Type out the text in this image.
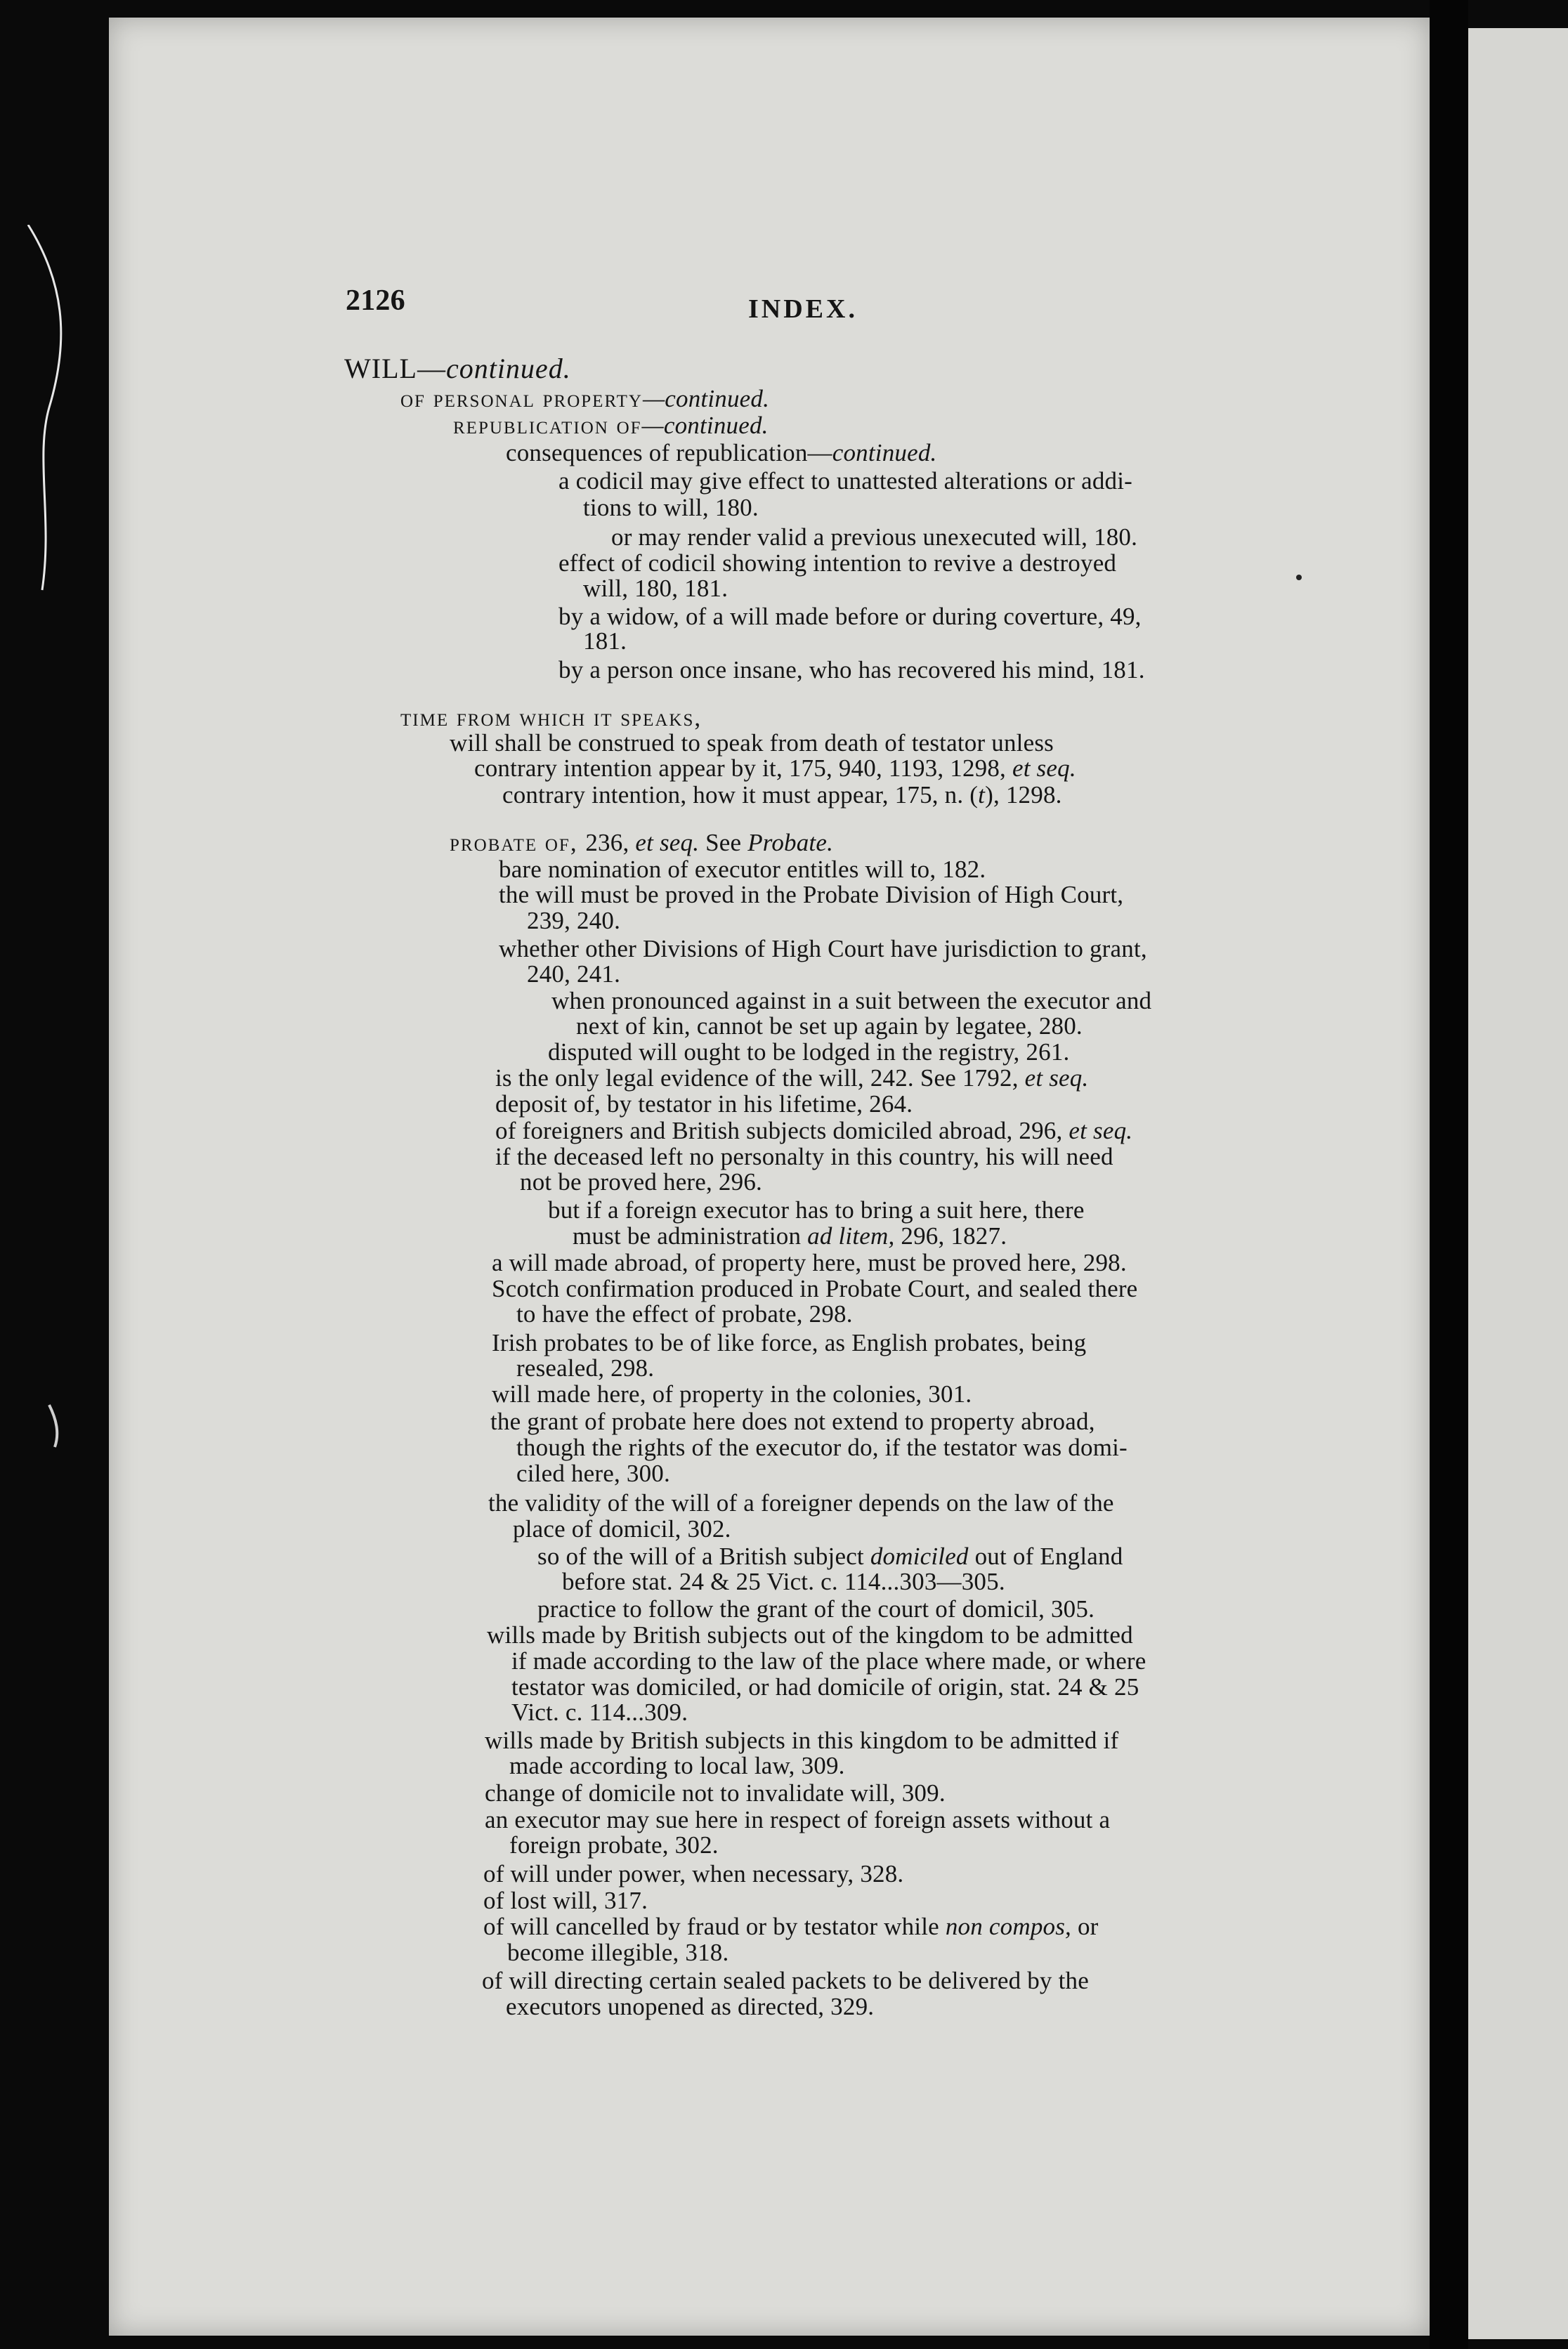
2126	INDEX.
WILL—continued.
of personal property—continued.
republication of—continued.
consequences of republication—continued.
a codicil may give effect to unattested alterations or addi-
tions to will, 180.
or may render valid a previous unexecuted will, 180.
effect of codicil showing intention to revive a destroyed
will, 180, 181.
by a widow, of a will made before or during coverture, 49,
181.
by a person once insane, who has recovered his mind, 181.
time from which it speaks,
will shall be construed to speak from death of testator unless
contrary intention appear by it, 175, 940, 1193, 1298, et seq.
contrary intention, how it must appear, 175, n. (t), 1298.
probate of, 236, et seq. See Probate.
bare nomination of executor entitles will to, 182.
the will must be proved in the Probate Division of High Court,
239, 240.
whether other Divisions of High Court have jurisdiction to grant,
240, 241.
when pronounced against in a suit between the executor and
next of kin, cannot be set up again by legatee, 280.
disputed will ought to be lodged in the registry, 261.
is the only legal evidence of the will, 242. See 1792, et seq.
deposit of, by testator in his lifetime, 264.
of foreigners and British subjects domiciled abroad, 296, et seq.
if the deceased left no personalty in this country, his will need
not be proved here, 296.
but if a foreign executor has to bring a suit here, there
must be administration ad litem, 296, 1827.
a will made abroad, of property here, must be proved here, 298.
Scotch confirmation produced in Probate Court, and sealed there
to have the effect of probate, 298.
Irish probates to be of like force, as English probates, being
resealed, 298.
will made here, of property in the colonies, 301.
the grant of probate here does not extend to property abroad,
though the rights of the executor do, if the testator was domi-
ciled here, 300.
the validity of the will of a foreigner depends on the law of the
place of domicil, 302.
so of the will of a British subject domiciled out of England
before stat. 24 & 25 Vict. c. 114...303—305.
practice to follow the grant of the court of domicil, 305.
wills made by British subjects out of the kingdom to be admitted
if made according to the law of the place where made, or where
testator was domiciled, or had domicile of origin, stat. 24 & 25
Vict. c. 114...309.
wills made by British subjects in this kingdom to be admitted if
made according to local law, 309.
change of domicile not to invalidate will, 309.
an executor may sue here in respect of foreign assets without a
foreign probate, 302.
of will under power, when necessary, 328.
of lost will, 317.
of will cancelled by fraud or by testator while non compos, or
become illegible, 318.
of will directing certain sealed packets to be delivered by the
executors unopened as directed, 329.
